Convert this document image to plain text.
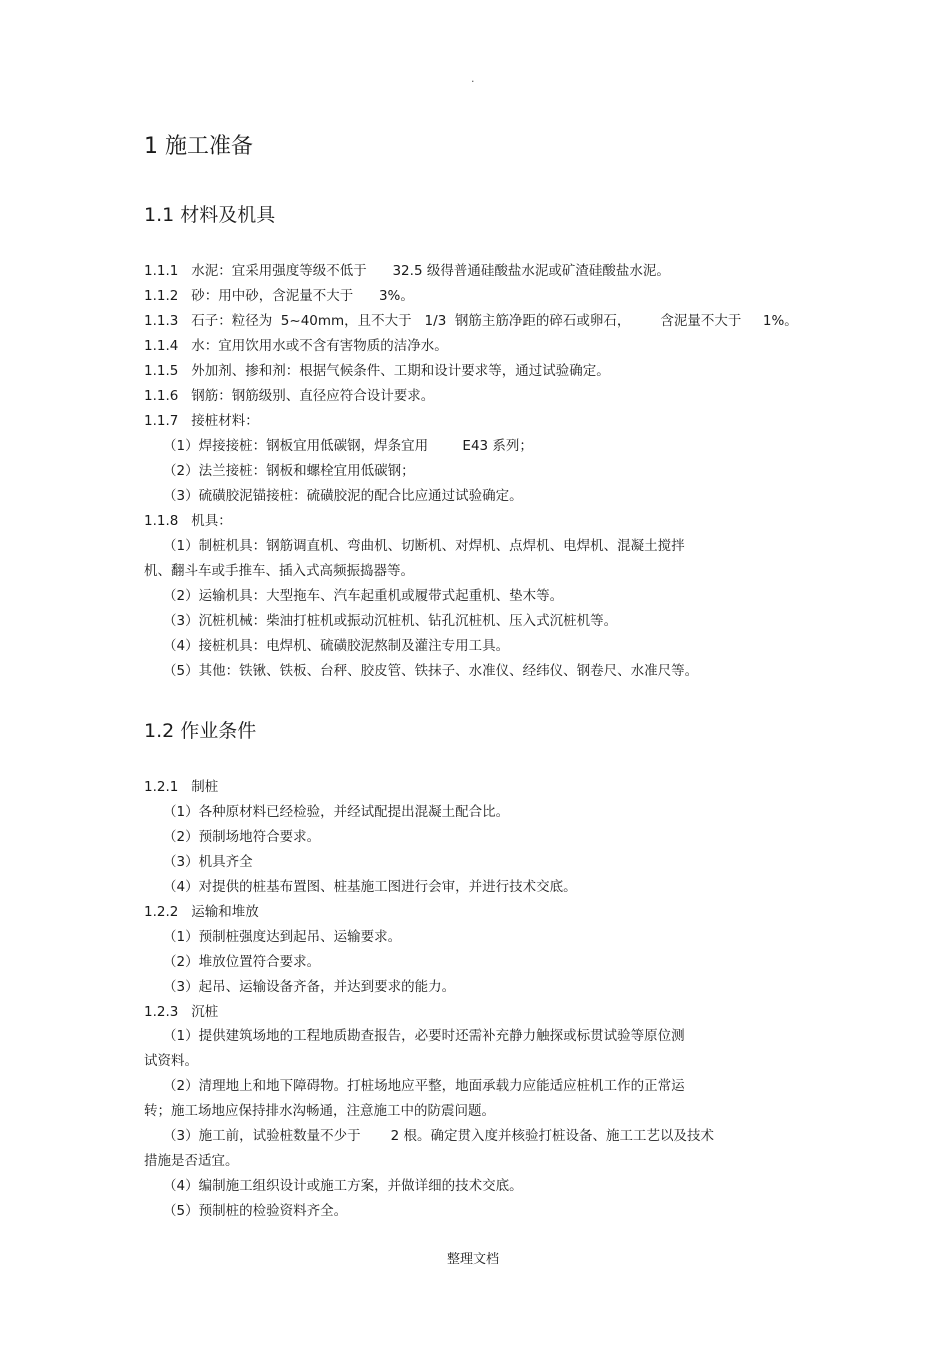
.
1 施工准备
1.1 材料及机具
1.2 作业条件
1.1.1   水泥：宜采用强度等级不低于      32.5 级得普通硅酸盐水泥或矿渣硅酸盐水泥。
1.1.2   砂：用中砂，含泥量不大于      3%。
1.1.3   石子：粒径为  5~40mm，且不大于   1/3  钢筋主筋净距的碎石或卵石，       含泥量不大于     1%。
1.1.4   水：宜用饮用水或不含有害物质的洁净水。
1.1.5   外加剂、掺和剂：根据气候条件、工期和设计要求等，通过试验确定。
1.1.6   钢筋：钢筋级别、直径应符合设计要求。
1.1.7   接桩材料：
（1）焊接接桩：钢板宜用低碳钢，焊条宜用        E43 系列；
（2）法兰接桩：钢板和螺栓宜用低碳钢；
（3）硫磺胶泥锚接桩：硫磺胶泥的配合比应通过试验确定。
1.1.8   机具：
（1）制桩机具：钢筋调直机、弯曲机、切断机、对焊机、点焊机、电焊机、混凝土搅拌
机、翻斗车或手推车、插入式高频振捣器等。
（2）运输机具：大型拖车、汽车起重机或履带式起重机、垫木等。
（3）沉桩机械：柴油打桩机或振动沉桩机、钻孔沉桩机、压入式沉桩机等。
（4）接桩机具：电焊机、硫磺胶泥熬制及灌注专用工具。
（5）其他：铁锹、铁板、台秤、胶皮管、铁抹子、水准仪、经纬仪、钢卷尺、水准尺等。
1.2.1   制桩
（1）各种原材料已经检验，并经试配提出混凝土配合比。
（2）预制场地符合要求。
（3）机具齐全
（4）对提供的桩基布置图、桩基施工图进行会审，并进行技术交底。
1.2.2   运输和堆放
（1）预制桩强度达到起吊、运输要求。
（2）堆放位置符合要求。
（3）起吊、运输设备齐备，并达到要求的能力。
1.2.3   沉桩
（1）提供建筑场地的工程地质勘查报告，必要时还需补充静力触探或标贯试验等原位测
试资料。
（2）清理地上和地下障碍物。打桩场地应平整，地面承载力应能适应桩机工作的正常运
转；施工场地应保持排水沟畅通，注意施工中的防震问题。
（3）施工前，试验桩数量不少于       2 根。确定贯入度并核验打桩设备、施工工艺以及技术
措施是否适宜。
（4）编制施工组织设计或施工方案，并做详细的技术交底。
（5）预制桩的检验资料齐全。
整理文档
